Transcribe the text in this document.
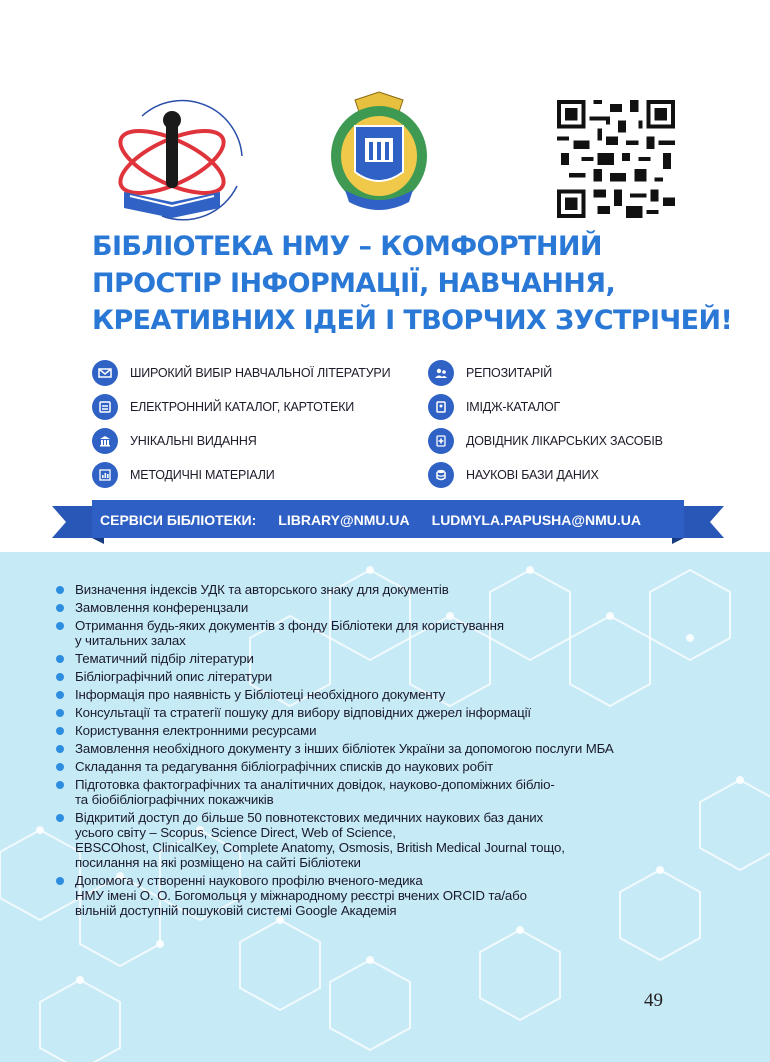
БІБЛІОТЕКА НМУ – КОМФОРТНИЙ
ПРОСТІР ІНФОРМАЦІЇ, НАВЧАННЯ,
КРЕАТИВНИХ ІДЕЙ І ТВОРЧИХ ЗУСТРІЧЕЙ!
ШИРОКИЙ ВИБІР НАВЧАЛЬНОЇ ЛІТЕРАТУРИ
ЕЛЕКТРОННИЙ КАТАЛОГ, КАРТОТЕКИ
УНІКАЛЬНІ ВИДАННЯ
МЕТОДИЧНІ МАТЕРІАЛИ
РЕПОЗИТАРІЙ
ІМІДЖ-КАТАЛОГ
ДОВІДНИК ЛІКАРСЬКИХ ЗАСОБІВ
НАУКОВІ БАЗИ ДАНИХ
СЕРВІСИ БІБЛІОТЕКИ: LIBRARY@NMU.UA LUDMYLA.PAPUSHA@NMU.UA
Визначення індексів УДК та авторського знаку для документів
Замовлення конференцзали
Отримання будь-яких документів з фонду Бібліотеки для користування
у читальних залах
Тематичний підбір літератури
Бібліографічний опис літератури
Інформація про наявність у Бібліотеці необхідного документу
Консультації та стратегії пошуку для вибору відповідних джерел інформації
Користування електронними ресурсами
Замовлення необхідного документу з інших бібліотек України за допомогою послуги МБА
Складання та редагування бібліографічних списків до наукових робіт
Підготовка фактографічних та аналітичних довідок, науково-допоміжних бібліо-
та біобібліографічних покажчиків
Відкритий доступ до більше 50 повнотекстових медичних наукових баз даних
усього світу – Scopus, Science Direct, Web of Science,
EBSCOhost, ClinicalKey, Complete Anatomy, Osmosis, British Medical Journal тощо,
посилання на які розміщено на сайті Бібліотеки
Допомога у створенні наукового профілю вченого-медика
НМУ імені О. О. Богомольця у міжнародному реєстрі вчених ORCID та/або
вільній доступній пошуковій системі Google Академія
49
